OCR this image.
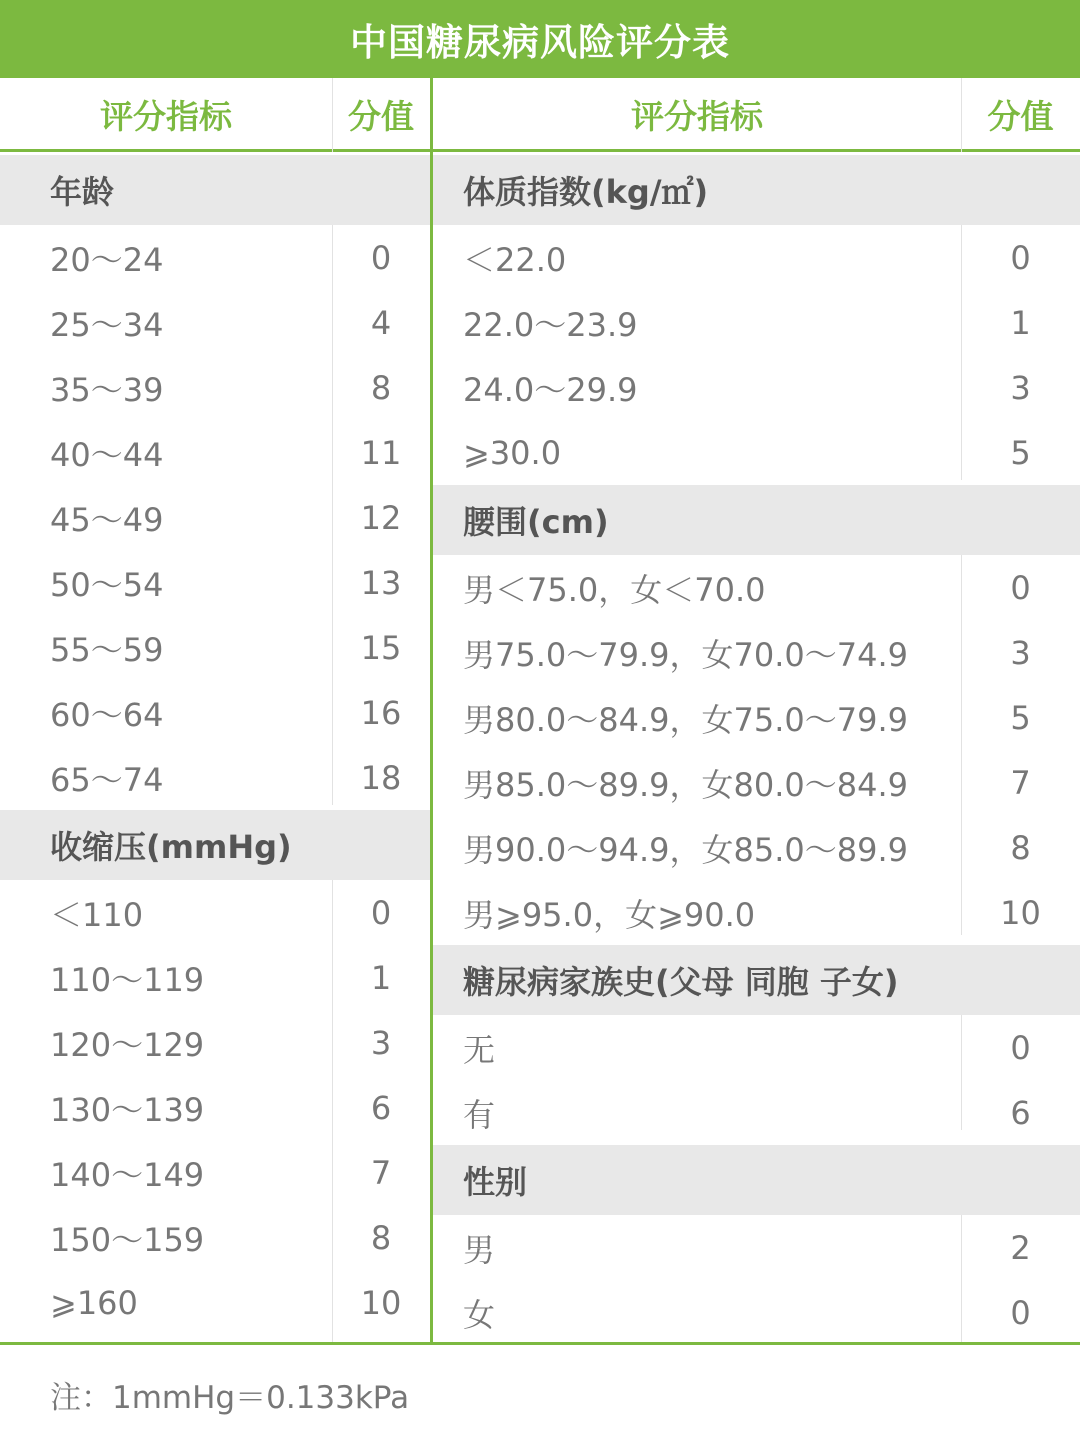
中国糖尿病风险评分表
评分指标	分值	评分指标	分值
年龄
20～24	0
25～34	4
35～39	8
40～44	11
45～49	12
50～54	13
55～59	15
60～64	16
65～74	18
收缩压(mmHg)
＜110	0
110～119	1
120～129	3
130～139	6
140～149	7
150～159	8
⩾160	10
体质指数(kg/㎡)
＜22.0	0
22.0～23.9	1
24.0～29.9	3
⩾30.0	5
腰围(cm)
男＜75.0，女＜70.0	0
男75.0～79.9，女70.0～74.9	3
男80.0～84.9，女75.0～79.9	5
男85.0～89.9，女80.0～84.9	7
男90.0～94.9，女85.0～89.9	8
男⩾95.0，女⩾90.0	10
糖尿病家族史(父母 同胞 子女)
无	0
有	6
性别
男	2
女	0
注：1mmHg＝0.133kPa
